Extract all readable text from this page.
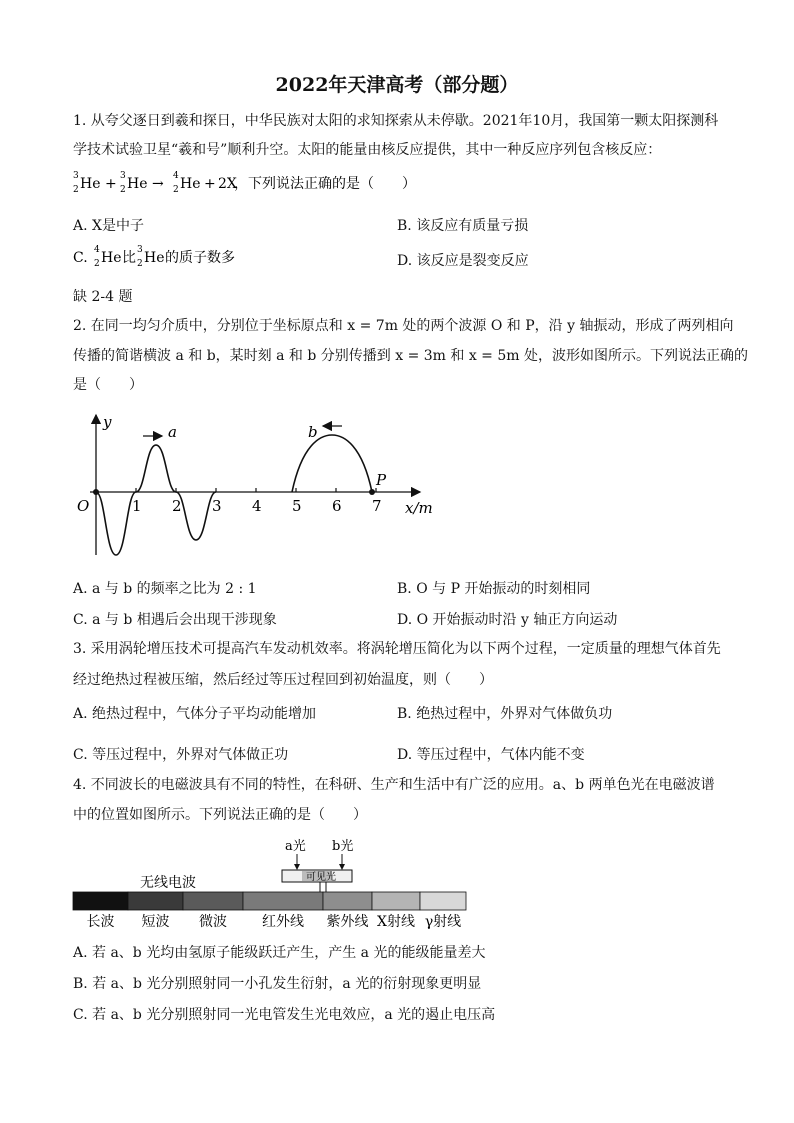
2022年天津高考（部分题）
1. 从夸父逐日到羲和探日，中华民族对太阳的求知探索从未停歇。2021年10月，我国第一颗太阳探测科
学技术试验卫星“羲和号”顺利升空。太阳的能量由核反应提供，其中一种反应序列包含核反应：
3
2 He + 3
2 He → 4
2 He + 2X
，下列说法正确的是（　　）
A. X是中子	B. 该反应有质量亏损
C. 4
2 He 比 3
2 He 的质子数多	D. 该反应是裂变反应
缺 2-4 题
2. 在同一均匀介质中，分别位于坐标原点和 x = 7m 处的两个波源 O 和 P，沿 y 轴振动，形成了两列相向
传播的简谐横波 a 和 b，某时刻 a 和 b 分别传播到 x = 3m 和 x = 5m 处，波形如图所示。下列说法正确的
是（　　）
y
x/m
O	1 2 3 4 5 6 7
P
a	b
A. a 与 b 的频率之比为 2 : 1	B. O 与 P 开始振动的时刻相同
C. a 与 b 相遇后会出现干涉现象	D. O 开始振动时沿 y 轴正方向运动
3. 采用涡轮增压技术可提高汽车发动机效率。将涡轮增压简化为以下两个过程，一定质量的理想气体首先
经过绝热过程被压缩，然后经过等压过程回到初始温度，则（　　）
A. 绝热过程中，气体分子平均动能增加	B. 绝热过程中，外界对气体做负功
C. 等压过程中，外界对气体做正功	D. 等压过程中，气体内能不变
4. 不同波长的电磁波具有不同的特性，在科研、生产和生活中有广泛的应用。a、b 两单色光在电磁波谱
中的位置如图所示。下列说法正确的是（　　）
a光 b光
可见光
无线电波
长波 短波 微波	红外线 紫外线 X射线 γ射线
A. 若 a、b 光均由氢原子能级跃迁产生，产生 a 光的能级能量差大
B. 若 a、b 光分别照射同一小孔发生衍射，a 光的衍射现象更明显
C. 若 a、b 光分别照射同一光电管发生光电效应，a 光的遏止电压高
